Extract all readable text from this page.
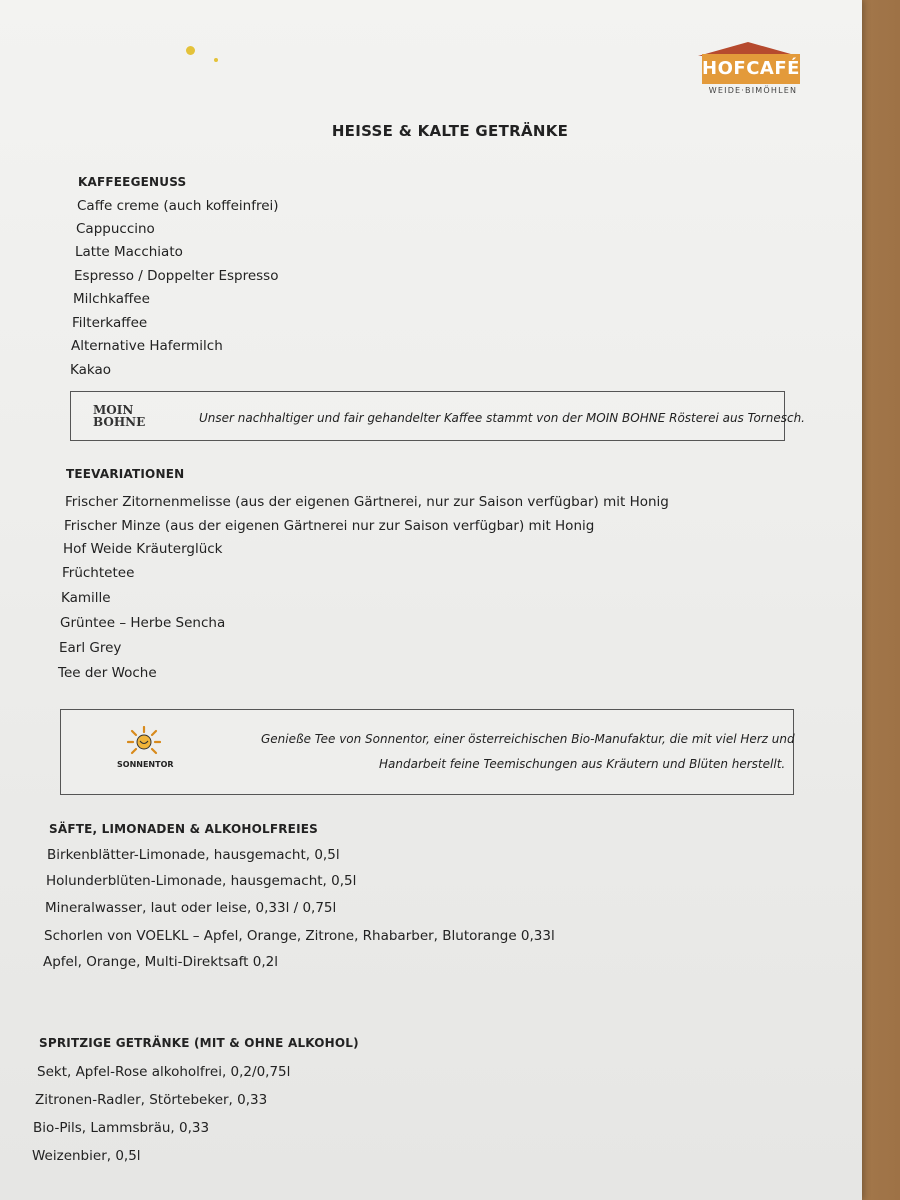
HOFCAFÉ
WEIDE·BIMÖHLEN
HEISSE & KALTE GETRÄNKE
KAFFEEGENUSS
Caffe creme (auch koffeinfrei)
Cappuccino
Latte Macchiato
Espresso / Doppelter Espresso
Milchkaffee
Filterkaffee
Alternative Hafermilch
Kakao
MOIN
BOHNE	Unser nachhaltiger und fair gehandelter Kaffee stammt von der MOIN BOHNE Rösterei aus Tornesch.
TEEVARIATIONEN
Frischer Zitornenmelisse (aus der eigenen Gärtnerei, nur zur Saison verfügbar) mit Honig
Frischer Minze (aus der eigenen Gärtnerei nur zur Saison verfügbar) mit Honig
Hof Weide Kräuterglück
Früchtetee
Kamille
Grüntee – Herbe Sencha
Earl Grey
Tee der Woche
SONNENTOR
Genieße Tee von Sonnentor, einer österreichischen Bio-Manufaktur, die mit viel Herz und
Handarbeit feine Teemischungen aus Kräutern und Blüten herstellt.
SÄFTE, LIMONADEN & ALKOHOLFREIES
Birkenblätter-Limonade, hausgemacht, 0,5l
Holunderblüten-Limonade, hausgemacht, 0,5l
Mineralwasser, laut oder leise, 0,33l / 0,75l
Schorlen von VOELKL – Apfel, Orange, Zitrone, Rhabarber, Blutorange 0,33l
Apfel, Orange, Multi-Direktsaft 0,2l
SPRITZIGE GETRÄNKE (MIT & OHNE ALKOHOL)
Sekt, Apfel-Rose alkoholfrei, 0,2/0,75l
Zitronen-Radler, Störtebeker, 0,33
Bio-Pils, Lammsbräu, 0,33
Weizenbier, 0,5l
